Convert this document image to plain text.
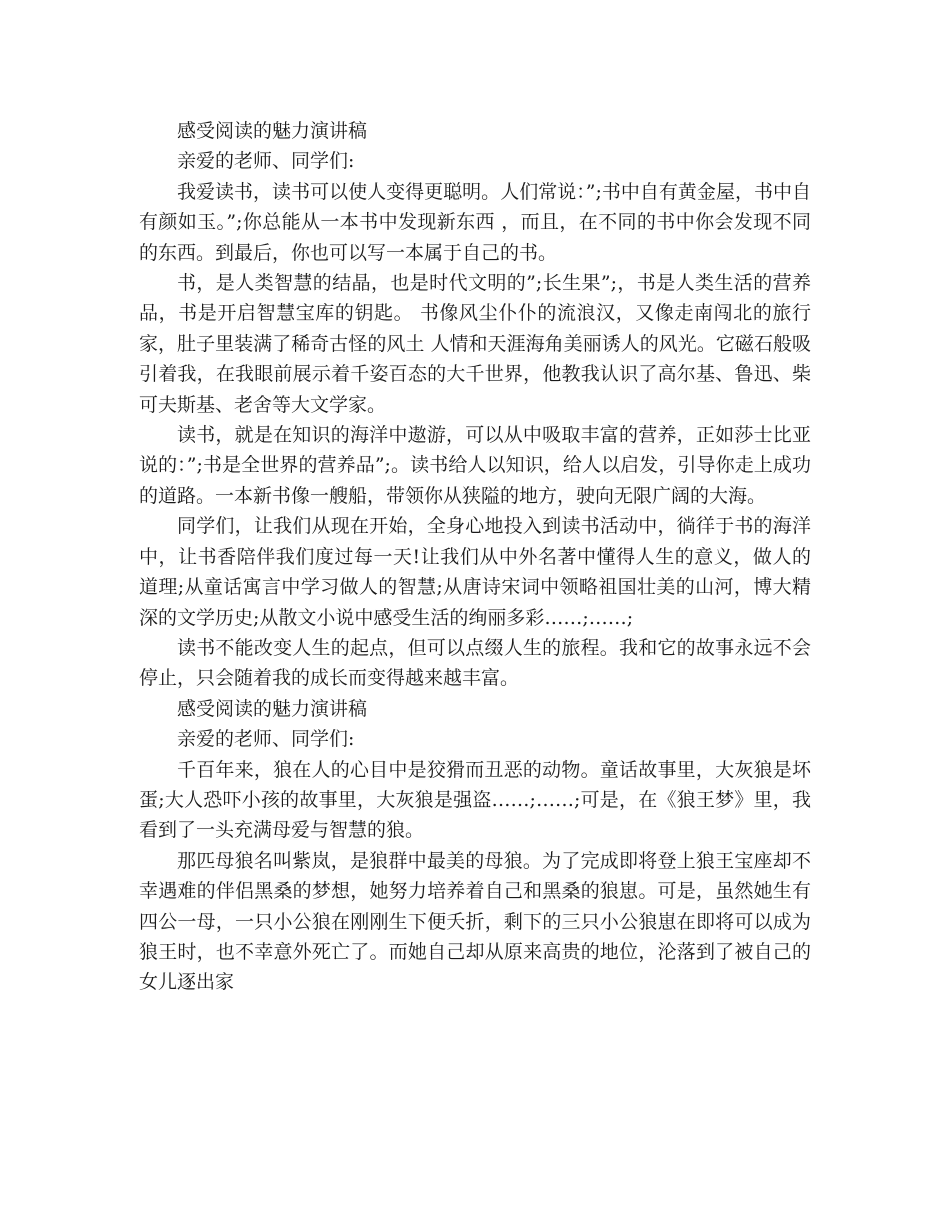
感受阅读的魅力演讲稿

亲爱的老师、同学们:

我爱读书，读书可以使人变得更聪明。人们常说：”;书中自有黄金屋，书中自有颜如玉。”;你总能从一本书中发现新东西 ，而且，在不同的书中你会发现不同的东西。到最后，你也可以写一本属于自己的书。

书，是人类智慧的结晶，也是时代文明的”;长生果”;，书是人类生活的营养品，书是开启智慧宝库的钥匙。 书像风尘仆仆的流浪汉，又像走南闯北的旅行家，肚子里装满了稀奇古怪的风土 人情和天涯海角美丽诱人的风光。它磁石般吸引着我，在我眼前展示着千姿百态的大千世界，他教我认识了高尔基、鲁迅、柴可夫斯基、老舍等大文学家。

读书，就是在知识的海洋中遨游，可以从中吸取丰富的营养，正如莎士比亚说的：”;书是全世界的营养品”;。读书给人以知识，给人以启发，引导你走上成功的道路。一本新书像一艘船，带领你从狭隘的地方，驶向无限广阔的大海。

同学们，让我们从现在开始，全身心地投入到读书活动中，徜徉于书的海洋中，让书香陪伴我们度过每一天!让我们从中外名著中懂得人生的意义，做人的道理;从童话寓言中学习做人的智慧;从唐诗宋词中领略祖国壮美的山河，博大精深的文学历史;从散文小说中感受生活的绚丽多彩……;……;

读书不能改变人生的起点，但可以点缀人生的旅程。我和它的故事永远不会停止，只会随着我的成长而变得越来越丰富。

感受阅读的魅力演讲稿

亲爱的老师、同学们:

千百年来，狼在人的心目中是狡猾而丑恶的动物。童话故事里，大灰狼是坏蛋;大人恐吓小孩的故事里，大灰狼是强盗……;……;可是，在《狼王梦》里，我看到了一头充满母爱与智慧的狼。

那匹母狼名叫紫岚，是狼群中最美的母狼。为了完成即将登上狼王宝座却不幸遇难的伴侣黑桑的梦想，她努力培养着自己和黑桑的狼崽。可是，虽然她生有四公一母，一只小公狼在刚刚生下便夭折，剩下的三只小公狼崽在即将可以成为狼王时，也不幸意外死亡了。而她自己却从原来高贵的地位，沦落到了被自己的女儿逐出家
